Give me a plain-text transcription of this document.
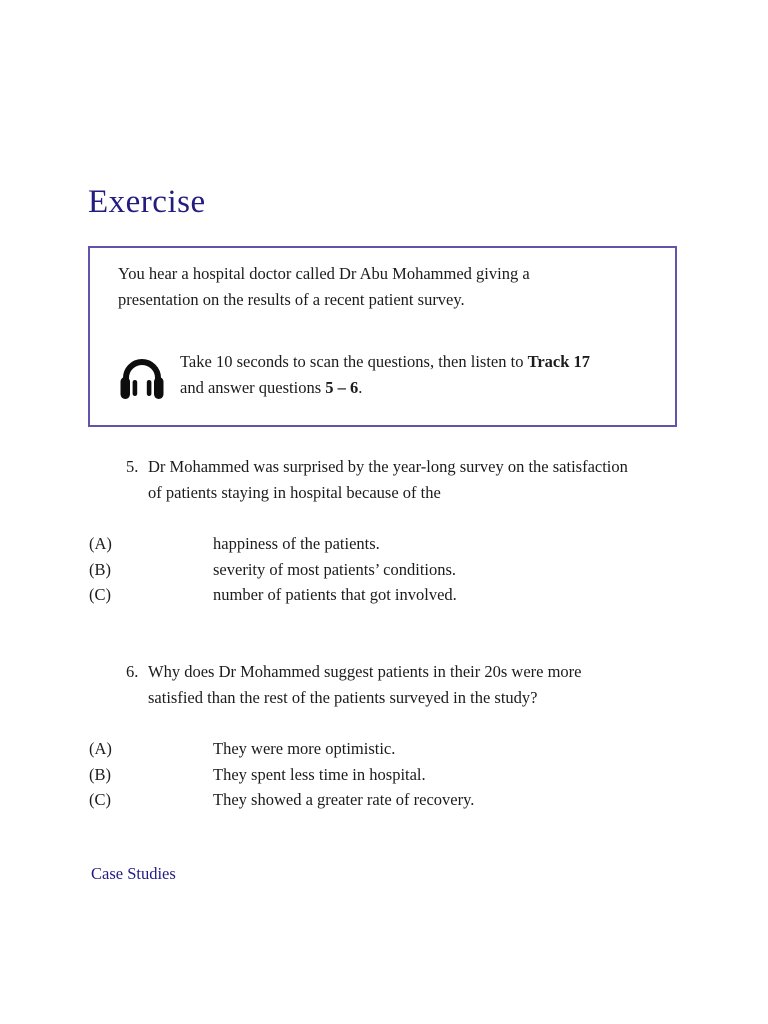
Exercise

You hear a hospital doctor called Dr Abu Mohammed giving a
presentation on the results of a recent patient survey.

Take 10 seconds to scan the questions, then listen to Track 17
and answer questions 5 – 6.

5. Dr Mohammed was surprised by the year-long survey on the satisfaction
of patients staying in hospital because of the
(A)	happiness of the patients.
(B)	severity of most patients’ conditions.
(C)	number of patients that got involved.
6. Why does Dr Mohammed suggest patients in their 20s were more
satisfied than the rest of the patients surveyed in the study?
(A)	They were more optimistic.
(B)	They spent less time in hospital.
(C)	They showed a greater rate of recovery.

Case Studies
